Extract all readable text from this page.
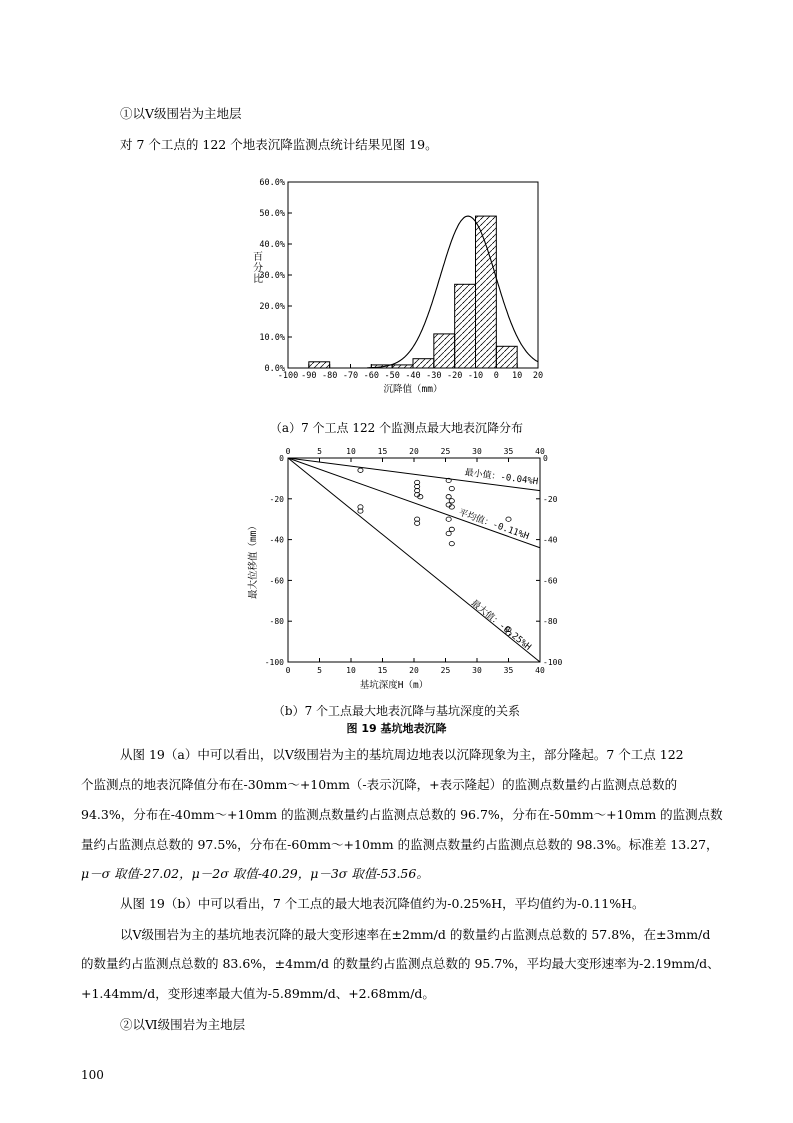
①以Ⅴ级围岩为主地层
对 7 个工点的 122 个地表沉降监测点统计结果见图 19。
0.0%
10.0%
20.0%
30.0%
40.0%
50.0%
60.0%
-100 -90 -80 -70 -60 -50 -40 -30 -20 -10 0 10 20
百
分
比
沉降值（mm）
（a）7 个工点 122 个监测点最大地表沉降分布
0
0
5
5
10
10
15
15
20
20
25
25
30
30
35
35
40
40
0
-20
-40
-60
-80
-100
0
-20
-40
-60
-80
-100
最小值：-0.04%H
平均值：-0.11%H
最大值：-0.25%H
最大位移值（mm）
基坑深度H（m）
（b）7 个工点最大地表沉降与基坑深度的关系
图 19 基坑地表沉降
从图 19（a）中可以看出，以Ⅴ级围岩为主的基坑周边地表以沉降现象为主，部分隆起。7 个工点 122
个监测点的地表沉降值分布在-30mm～+10mm（-表示沉降，+表示隆起）的监测点数量约占监测点总数的
94.3%，分布在-40mm～+10mm 的监测点数量约占监测点总数的 96.7%，分布在-50mm～+10mm 的监测点数
量约占监测点总数的 97.5%，分布在-60mm～+10mm 的监测点数量约占监测点总数的 98.3%。标准差 13.27，
μ－σ 取值-27.02，μ－2σ 取值-40.29，μ－3σ 取值-53.56。
从图 19（b）中可以看出，7 个工点的最大地表沉降值约为-0.25%H，平均值约为-0.11%H。
以Ⅴ级围岩为主的基坑地表沉降的最大变形速率在±2mm/d 的数量约占监测点总数的 57.8%，在±3mm/d
的数量约占监测点总数的 83.6%，±4mm/d 的数量约占监测点总数的 95.7%，平均最大变形速率为-2.19mm/d、
+1.44mm/d，变形速率最大值为-5.89mm/d、+2.68mm/d。
②以Ⅵ级围岩为主地层
100
